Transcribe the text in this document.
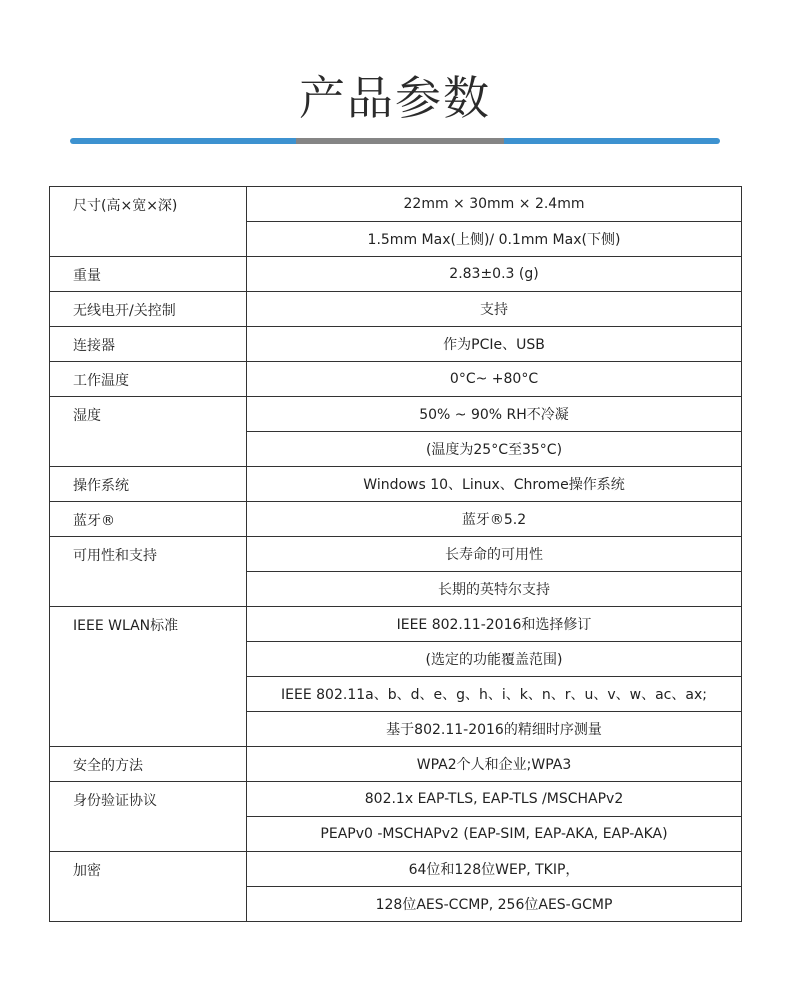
产品参数
尺寸(高×宽×深)	22mm × 30mm × 2.4mm
	1.5mm Max(上侧)/ 0.1mm Max(下侧)
重量	2.83±0.3 (g)
无线电开/关控制	支持
连接器	作为PCIe、USB
工作温度	0°C~ +80°C
湿度	50% ~ 90% RH不冷凝
	(温度为25°C至35°C)
操作系统	Windows 10、Linux、Chrome操作系统
蓝牙®	蓝牙®5.2
可用性和支持	长寿命的可用性
	长期的英特尔支持
IEEE WLAN标准	IEEE 802.11-2016和选择修订
	(选定的功能覆盖范围)
	IEEE 802.11a、b、d、e、g、h、i、k、n、r、u、v、w、ac、ax;
	基于802.11-2016的精细时序测量
安全的方法	WPA2个人和企业;WPA3
身份验证协议	802.1x EAP-TLS, EAP-TLS /MSCHAPv2
	PEAPv0 -MSCHAPv2 (EAP-SIM, EAP-AKA, EAP-AKA)
加密	64位和128位WEP, TKIP，
	128位AES-CCMP, 256位AES-GCMP
